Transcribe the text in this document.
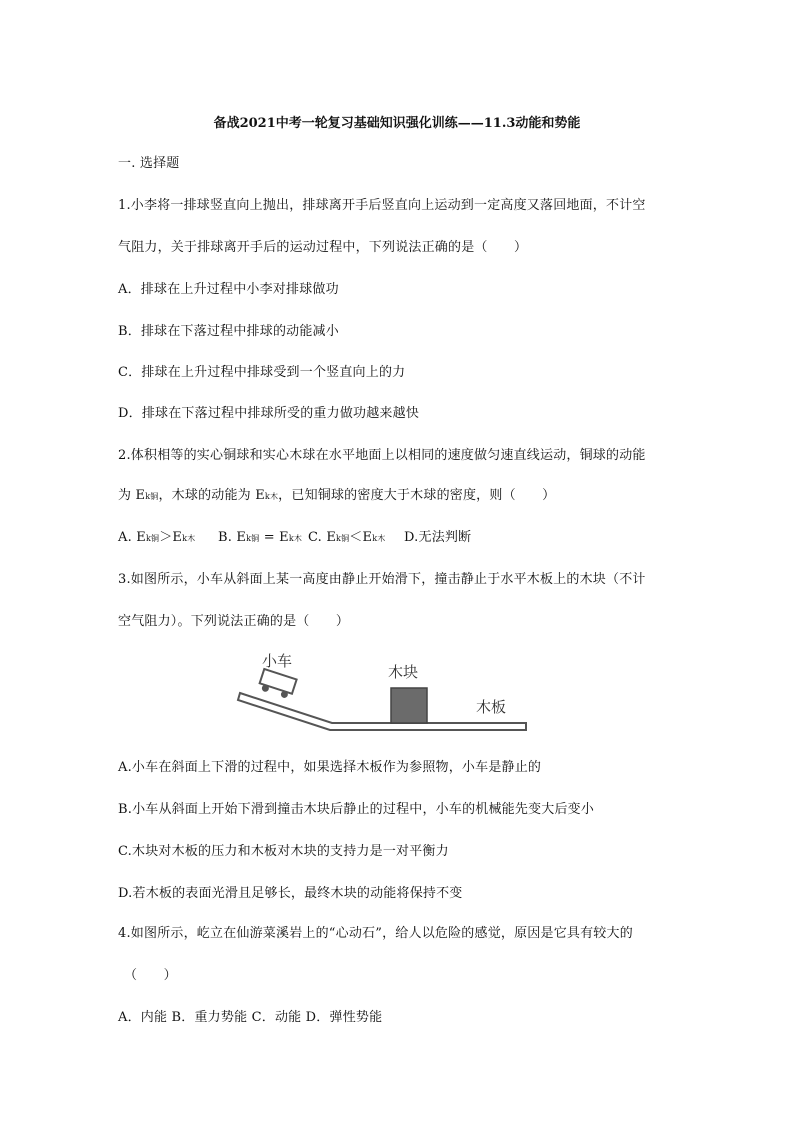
备战2021中考一轮复习基础知识强化训练——11.3动能和势能
一. 选择题
1.小李将一排球竖直向上抛出，排球离开手后竖直向上运动到一定高度又落回地面，不计空
气阻力，关于排球离开手后的运动过程中，下列说法正确的是（　　）
A．排球在上升过程中小李对排球做功
B．排球在下落过程中排球的动能减小
C．排球在上升过程中排球受到一个竖直向上的力
D．排球在下落过程中排球所受的重力做功越来越快
2.体积相等的实心铜球和实心木球在水平地面上以相同的速度做匀速直线运动，铜球的动能
为 Ek铜，木球的动能为 Ek木，已知铜球的密度大于木球的密度，则（　　）
A. Ek铜＞Ek木 B. Ek铜 = Ek木 C. Ek铜＜Ek木 D.无法判断
3.如图所示，小车从斜面上某一高度由静止开始滑下，撞击静止于水平木板上的木块（不计
空气阻力）。下列说法正确的是（　　）
小车
木块
木板
A.小车在斜面上下滑的过程中，如果选择木板作为参照物，小车是静止的
B.小车从斜面上开始下滑到撞击木块后静止的过程中，小车的机械能先变大后变小
C.木块对木板的压力和木板对木块的支持力是一对平衡力
D.若木板的表面光滑且足够长，最终木块的动能将保持不变
4.如图所示，屹立在仙游菜溪岩上的“心动石”，给人以危险的感觉，原因是它具有较大的
（　　）
A．内能 B．重力势能 C．动能 D．弹性势能
